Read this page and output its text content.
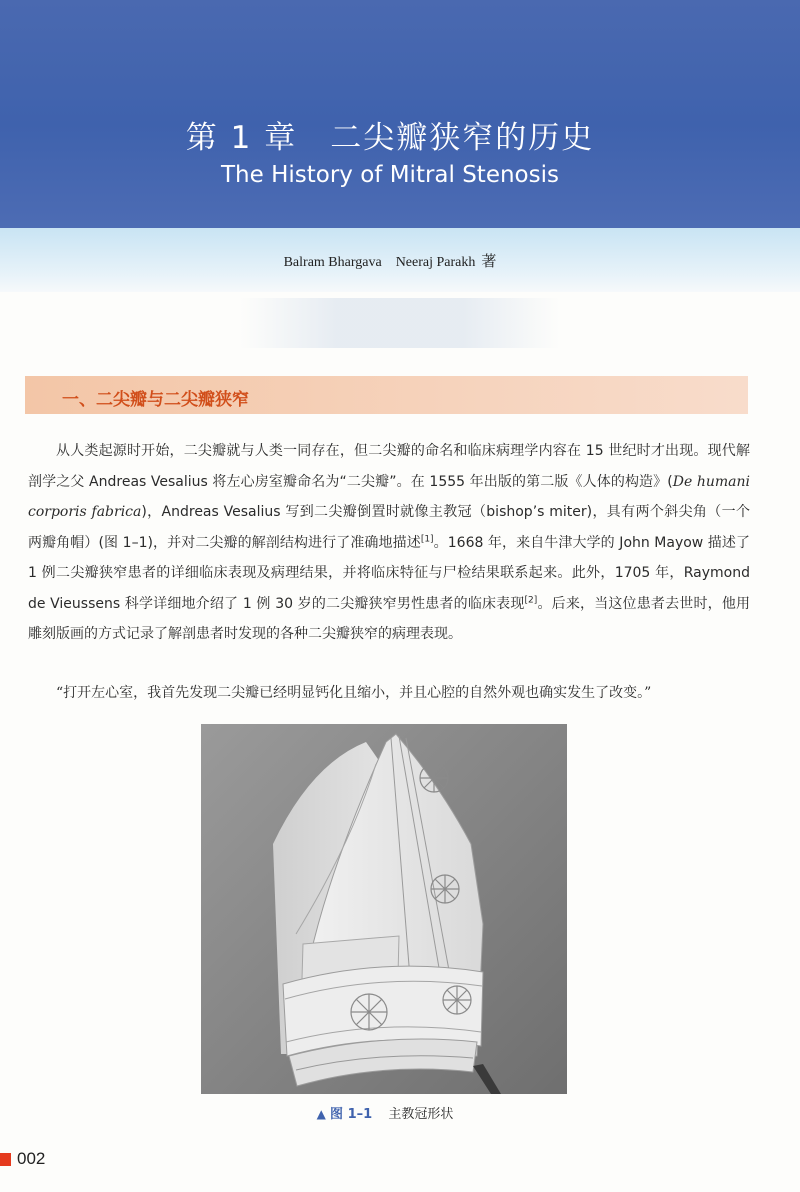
第 1 章　二尖瓣狭窄的历史
The History of Mitral Stenosis
Balram Bhargava    Neeraj Parakh 著
一、二尖瓣与二尖瓣狭窄
从人类起源时开始，二尖瓣就与人类一同存在，但二尖瓣的命名和临床病理学内容在 15 世纪时才出现。现代解剖学之父 Andreas Vesalius 将左心房室瓣命名为“二尖瓣”。在 1555 年出版的第二版《人体的构造》(De humani corporis fabrica)，Andreas Vesalius 写到二尖瓣倒置时就像主教冠（bishop’s miter)，具有两个斜尖角（一个两瓣角帽）(图 1–1)，并对二尖瓣的解剖结构进行了准确地描述[1]。1668 年，来自牛津大学的 John Mayow 描述了 1 例二尖瓣狭窄患者的详细临床表现及病理结果，并将临床特征与尸检结果联系起来。此外，1705 年，Raymond de Vieussens 科学详细地介绍了 1 例 30 岁的二尖瓣狭窄男性患者的临床表现[2]。后来，当这位患者去世时，他用雕刻版画的方式记录了解剖患者时发现的各种二尖瓣狭窄的病理表现。
“打开左心室，我首先发现二尖瓣已经明显钙化且缩小，并且心腔的自然外观也确实发生了改变。”
▲ 图 1–1 主教冠形状
002
